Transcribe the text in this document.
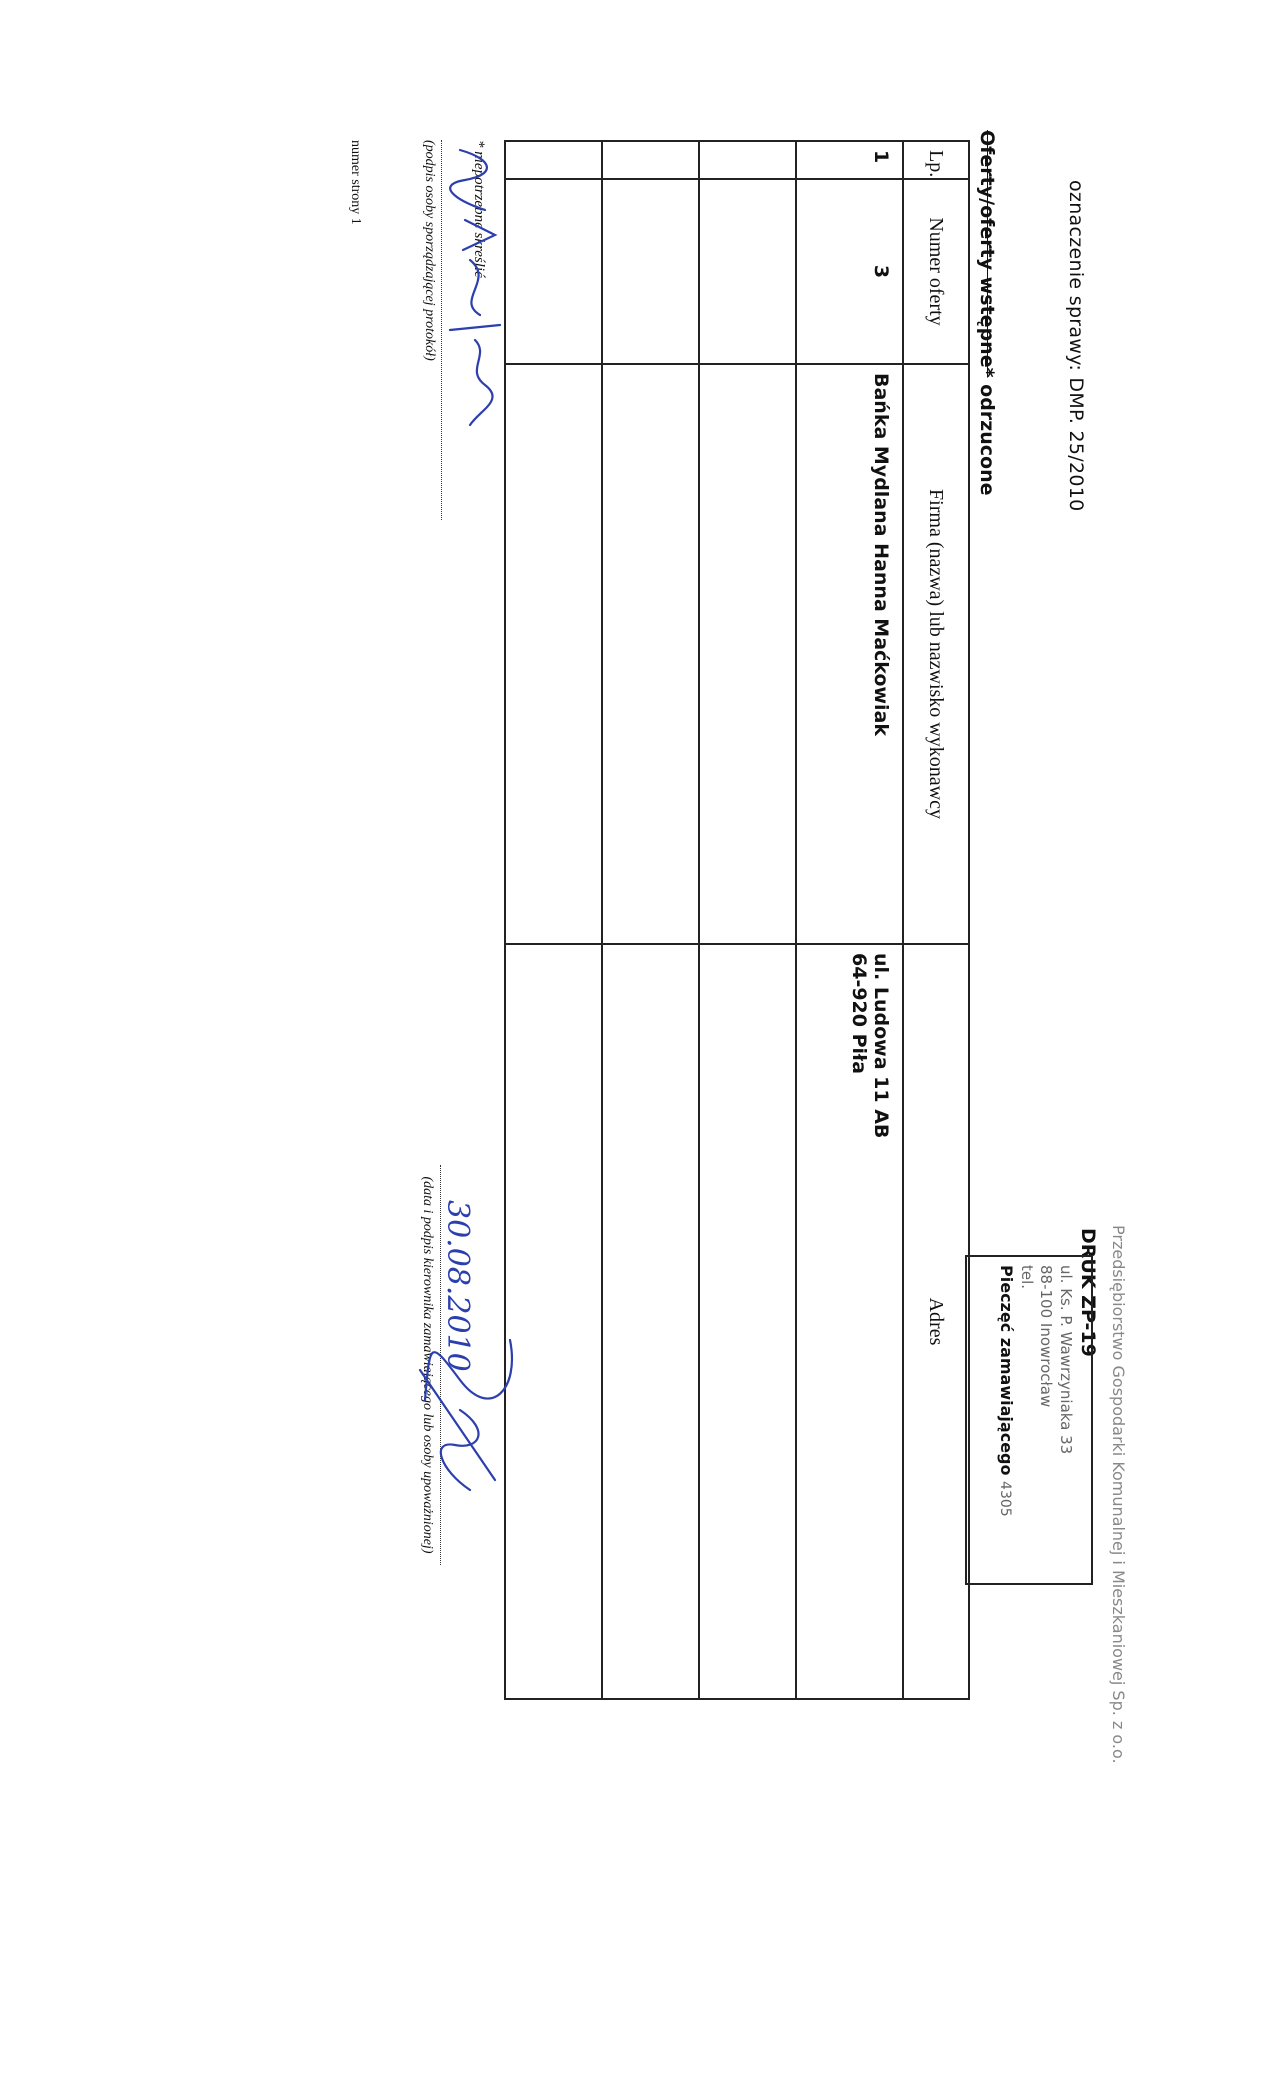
oznaczenie sprawy: DMP. 25/2010
Oferty/oferty wstępne* odrzucone
Przedsiębiorstwo Gospodarki Komunalnej i Mieszkaniowej Sp. z o.o.
DRUK ZP-19
ul. Ks. P. Wawrzyniaka 33
88-100 Inowrocław
tel.
Pieczęć zamawiającego 4305
Lp.	Numer oferty	Firma (nazwa) lub nazwisko wykonawcy	Adres
1	3	Bańka Mydlana Hanna Maćkowiak	ul. Ludowa 11 AB
64-920 Piła

* niepotrzebne skreślić
(podpis osoby sporządzającej protokół)
(data i podpis kierownika zamawiającego lub osoby upoważnionej) 30.08.2010
numer strony 1
